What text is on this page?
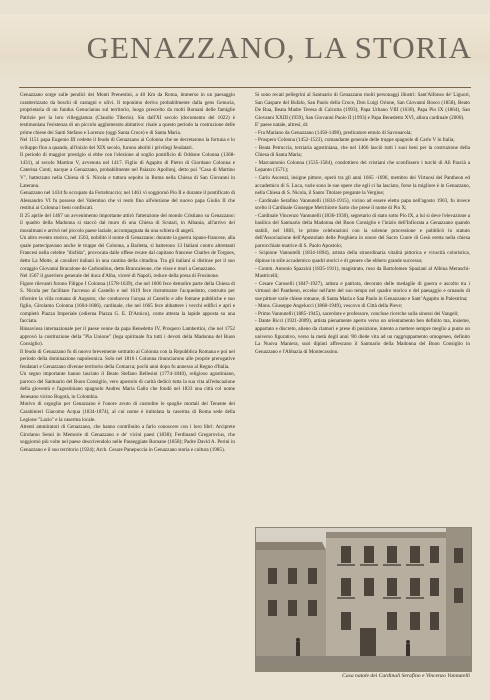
GENAZZANO, LA STORIA

Genazzano sorge sulle pendici dei Monti Prenestini, a 40 Km da Roma, immerso in un paesaggio caratterizzato da boschi di castagni e ulivi. Il toponimo deriva probabilmente dalla gens Genucia, proprietaria di un fundus Genucianus sul territorio, luogo prescelto da molti Romani delle famiglie Patrizie per la loro villeggiatura (Claudio Tiberio). Sin dall'XI secolo (documento del 1022) è testimoniata l'esistenza di un piccolo agglomerato abitativo: risale a questo periodo la costruzione delle prime chiese dei Santi Stefano e Lorenzo (oggi Santa Croce) e di Santa Maria.

Nel 1151 papa Eugenio III cedette il feudo di Genazzano ai Colonna che ne decretarono la fortuna e lo sviluppo fino a quando, all'inizio del XIX secolo, furono aboliti i privilegi feudatari.

Il periodo di maggior prestigio si ebbe con l'elezione al soglio pontificio di Oddone Colonna (1368-1431), al secolo Martino V, avvenuta nel 1417. Figlio di Agapito di Pietro di Giordano Colonna e Caterina Conti, nacque a Genazzano, probabilmente nel Palazzo Apollonj, detto poi "Casa di Martino V", battezzato nella Chiesa di S. Nicola e tuttora sepolto in Roma nella Chiesa di San Giovanni in Laterano.

Genazzano nel 1434 fu occupato da Fortebraccio; nel 1461 vi soggiornò Pio II e durante il pontificato di Alessandro VI fu posseso del Valentino che vi restò fino all'elezione del nuovo papa Giulio II che restituì ai Colonna i beni confiscati.

Il 25 aprile del 1467 un avvenimento importante attirò l'attenzione del mondo Cristiano su Genazzano: il quadro della Madonna si staccò dal muro di una Chiesa di Scutari, in Albania, all'arrivo dei musulmani e arrivò nel piccolo paese laziale, accompagnata da una schiera di angeli.

Un altro evento storico, nel 1503, nobilitò il nome di Genazzano: durante la guerra ispano-francese, alla quale partecipavano anche le truppe dei Colonna, a Barletta, si batterono 13 Italiani contro altrettanti Francesi nella celebre "disfida", provocata dalle offese recate dal capitano francese Charles de Torgues, detto La Motte, ai cavalieri italiani in una cantina della cittadina. Tra gli italiani si distinse per il suo coraggio Giovanni Bracalone de Carbonibus, detto Brancaleone, che visse e morì a Genazzano.

Nel 1567 il guerriero generale del duca d'Alba, vicerè di Napoli, reduce della presa di Frosinone.

Figure rilevanti furono Filippo I Colonna (1578-1639), che nel 1606 fece demolire parte della Chiesa di S. Nicola per facilitare l'accesso al Castello e nel 1619 fece ristrutturare l'acquedotto, costruito per rifornire la villa romana di Augusto, che conduceva l'acqua al Castello e alle fontane pubbliche e suo figlio, Girolamo Colonna (1604-1666), cardinale, che nel 1665 fece abbattere i vecchi edifici e aprì e completò Piazza Imperiale (odierna Piazza G. E. D'Amico), come attesta la lapide apposta su una facciata.

Rinsaviosa internazionale per il paese venne da papa Benedetto IV, Prospero Lambertini, che nel 1752 approvò la costituzione della "Pia Unione" (lega spirituale fra tutti i devoti della Madonna del Buon Consiglio).

Il feudo di Genazzano fu di nuovo brevemente sottratto ai Colonna con la Repubblica Romana e poi nel periodo della dominazione napoleonica. Solo nel 1816 i Colonna rinunciarono alle proprie prerogative feudatari e Genazzano divenne territorio della Comarca; pochi anni dopo fu annesso al Regno d'Italia.

Un segno importante hanno lasciato il Beato Stefano Bellesini (1774-1840), religioso agostiniano, parroco del Santuario del Buon Consiglio, vero apostolo di carità dedicò tutta la sua vita all'educazione della gioventù e l'agostiniano spagnolo Andres Maria Gallo che fondò nel 1833 una città col nome Jenesano vicino Bogotà, in Colombia.

Motivo di orgoglio per Genazzano è l'onore avuto di custodire le spoglie mortali del Tenente dei Carabinieri Giacomo Acqua (1834-1874), al cui nome è intitolata la caserma di Roma sede della Legione "Lazio" e la caserma locale.

Attenti ammiratori di Genazzano, che hanno contribuito a farlo conoscere con i loro libri: Arciprete Girolamo Senni in Memorie di Genazzano e de' vicini paesi (1838); Ferdinand Gregorovius, che soggiornò più volte nel paese descrivendolo nelle Passeggiate Romane (1858); Padre David A. Perini in Genazzano e il suo territorio (1924); Arch. Cesare Panepuccia in Genazzano storia e cultura (1985).

Si sono recati pellegrini al Santuario di Genazzano molti personaggi illustri: Sant'Alfonso de' Liguori, San Gaspare del Bufalo, San Paolo della Croce, Don Luigi Orione, San Giovanni Bosco (1858), Beato De Rua, Beata Madre Teresa di Calcutta (1993), Papa Urbano VIII (1630), Papa Pio IX (1864), San Giovanni XXIII (1959), San Giovanni Paolo II (1993) e Papa Benedetto XVI, allora cardinale (2000).

E' paese natale, altresì, di:

- Fra Mariano da Genazzano (1450-1498), predicatore emulo di Savonarola;

- Prospero Colonna (1452-1523), comandante generale delle truppe spagnole di Carlo V in Italia;

- Beata Petruccia, terziaria agostiniana, che nel 1466 lasciò tutti i suoi beni per la costruzione della Chiesa di Santa Maria;

- Marcantonio Colonna (1535-1584), condottiero dei cristiani che sconfissero i turchi di Alì Pascià a Lepanto (1571);

- Carlo Ascenzi, insigne pittore, operò tra gli anni 1665 -1696, membro dei Virtuosi del Pantheon ed accademico di S. Luca, varie sono le sue opere che egli ci ha lasciato, forse la migliore è in Genazzano, nella Chiesa di S. Nicola, il Santo Titolare pregante la Vergine;

- Cardinale Serafino Vannutelli (1834-1915), vicino ad essere eletto papa nell'agosto 1903, fu invece scelto il Cardinale Giuseppe Melchiorre Sarto che prese il nome di Pio X;

- Cardinale Vincenzo Vannutelli (1836-1930), segretario di stato sotto Pio IX, a lui si deve l'elevazione a basilica del Santuario della Madonna del Buon Consiglio e l'inizio dell'Infiorata a Genazzano quando stabilì, nel 1883, le prime celebrazioni con la solenne processione e pubblicò lo statuto dell'Associazione dell'Apostolato delle Preghiera in onore del Sacro Cuore di Gesù eretta nella chiesa parrocchiale matrice di S. Paolo Apostolo;

- Scipione Vannutelli (1834-1894), artista della straordinaria vitalità pittorica e vivacità coloristica, dipinse in stile accademico quadri storici e di genere che ebbero grande successo;

- Comm. Antonio Spazzini (1835-1911), magistrato, ruso da Bartolomeo Spaziani al Albina Meraschi-Mastricelli;

- Cesare Caroselli (1847-1927), artista e patriota, decorato delle medaglie di guerra e ascolto tra i virtuosi del Pantheon, eccelse nell'arte del suo tempo nel quadro storico e del paesaggio e ornando di sue pitture varie chiese romane, di Santa Maria e San Paolo in Genazzano e Sant' Agapito in Palestrina;

- Mons. Giuseppe Angelucci (1868-1949), vescovo di Città della Pieve;

- Primo Vannutelli (1885-1945), sacerdote e professore, concluse ricerche sulla sinossi dei Vangeli;

- Dante Ricci (1921-2009), artista pienamente aperto verso un orientamento ben definito ma, insieme, appartato e discreto, alieno da clamori e prese di posizione, intento a mettere sempre meglio a punto un universo figurativo, verso la metà degli anni '80 diede vita ad un raggruppamento omogeneo, definito La Nuova Maniera, suoi dipinti affrescano il Santuario della Madonna del Buon Consiglio in Genazzano e l'Abbazia di Montecassino.

Casa natale dei Cardinali Serafino e Vincenzo Vannutelli
